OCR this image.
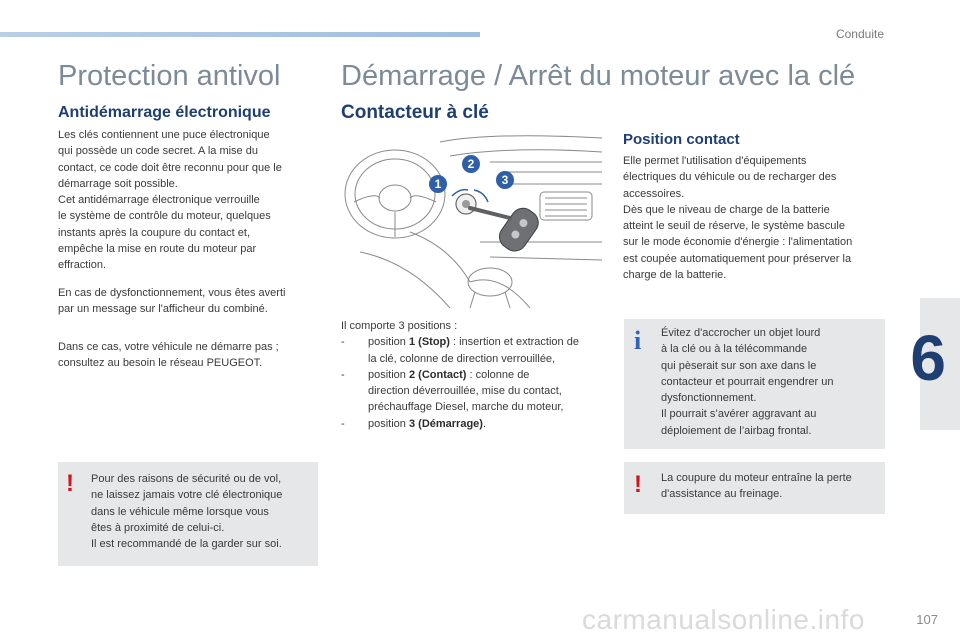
Conduite
6
carmanualsonline.info	107
Protection antivol
Antidémarrage électronique

Les clés contiennent une puce électronique

qui possède un code secret. A la mise du

contact, ce code doit être reconnu pour que le

démarrage soit possible.

Cet antidémarrage électronique verrouille

le système de contrôle du moteur, quelques

instants après la coupure du contact et,

empêche la mise en route du moteur par

effraction.

En cas de dysfonctionnement, vous êtes averti

par un message sur l'afficheur du combiné.

Dans ce cas, votre véhicule ne démarre pas ;

consultez au besoin le réseau PEUGEOT.

! Pour des raisons de sécurité ou de vol,

ne laissez jamais votre clé électronique

dans le véhicule même lorsque vous

êtes à proximité de celui-ci.

Il est recommandé de la garder sur soi.

Démarrage / Arrêt du moteur avec la clé
Contacteur à clé
1
2
3
Il comporte 3 positions :
-	position 1 (Stop) : insertion et extraction de
la clé, colonne de direction verrouillée,
-	position 2 (Contact) : colonne de
direction déverrouillée, mise du contact,
préchauffage Diesel, marche du moteur,
-	position 3 (Démarrage).
Position contact

Elle permet l'utilisation d'équipements

électriques du véhicule ou de recharger des

accessoires.

Dès que le niveau de charge de la batterie

atteint le seuil de réserve, le système bascule

sur le mode économie d'énergie : l'alimentation

est coupée automatiquement pour préserver la

charge de la batterie.

i Évitez d'accrocher un objet lourd

à la clé ou à la télécommande

qui pèserait sur son axe dans le

contacteur et pourrait engendrer un

dysfonctionnement.

Il pourrait s’avérer aggravant au

déploiement de l’airbag frontal.

! La coupure du moteur entraîne la perte

d'assistance au freinage.
